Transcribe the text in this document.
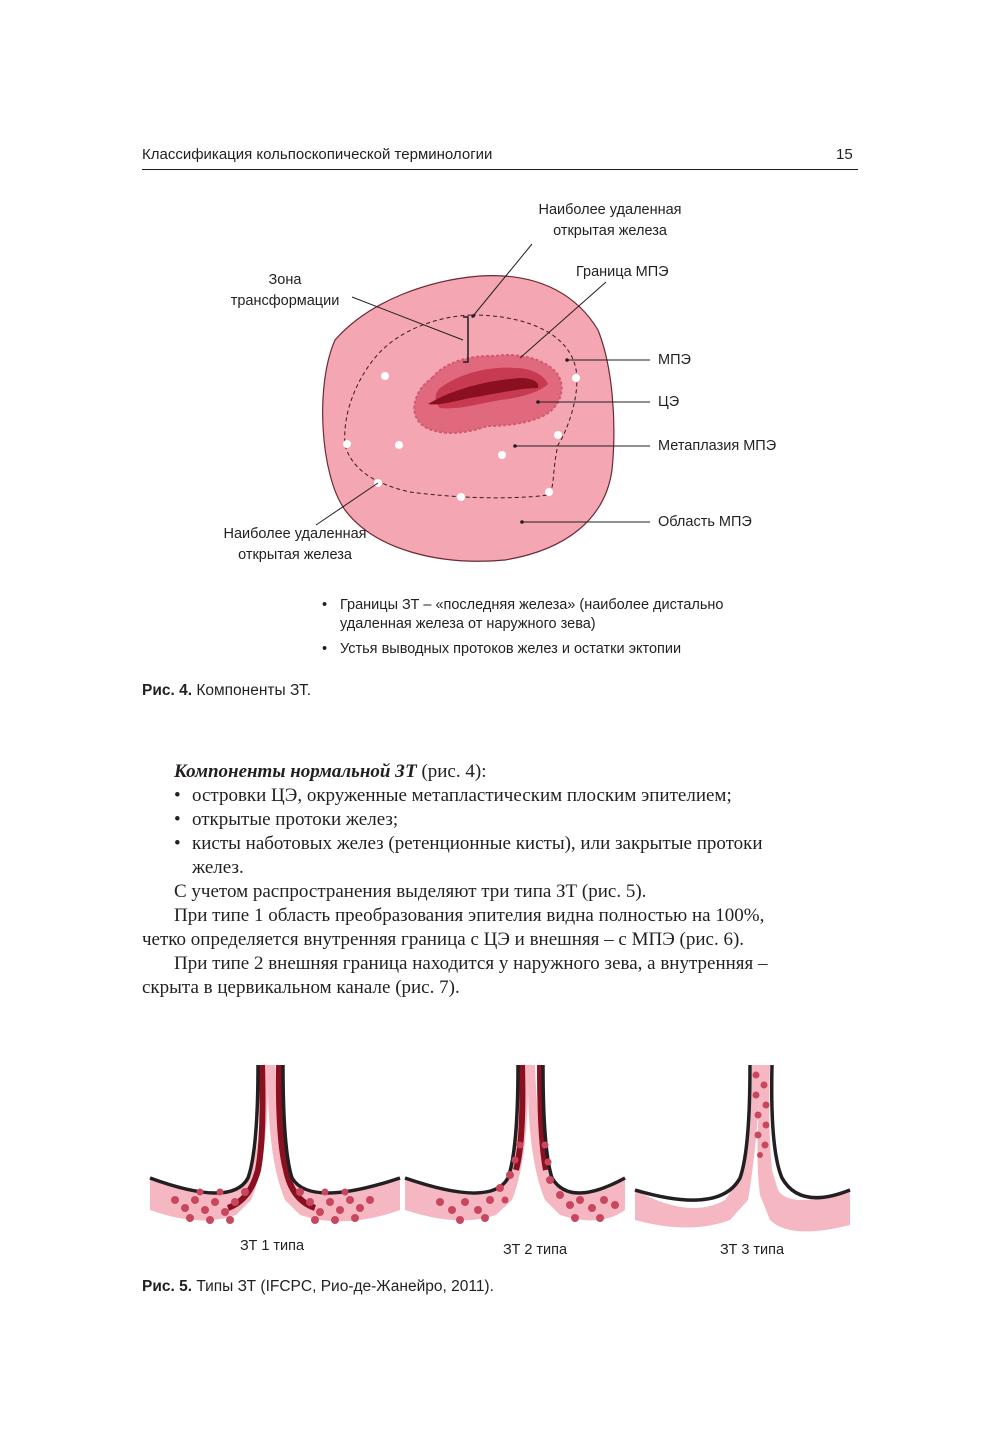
Классификация кольпоскопической терминологии	15
Наиболее удаленная
открытая железа
Зона
трансформации
Граница МПЭ
МПЭ
ЦЭ
Метаплазия МПЭ
Область МПЭ
Наиболее удаленная
открытая железа
• Границы ЗТ – «последняя железа» (наиболее дистально
удаленная железа от наружного зева)
• Устья выводных протоков желез и остатки эктопии
Рис. 4. Компоненты ЗТ.

Компоненты нормальной ЗТ (рис. 4):

• островки ЦЭ, окруженные метапластическим плоским эпителием;
• открытые протоки желез;
• кисты наботовых желез (ретенционные кисты), или закрытые протоки
желез.

С учетом распространения выделяют три типа ЗТ (рис. 5).

При типе 1 область преобразования эпителия видна полностью на 100%,
четко определяется внутренняя граница с ЦЭ и внешняя – с МПЭ (рис. 6).

При типе 2 внешняя граница находится у наружного зева, а внутренняя –
скрыта в цервикальном канале (рис. 7).

ЗТ 1 типа	ЗТ 2 типа	ЗТ 3 типа
Рис. 5. Типы ЗТ (IFCPC, Рио-де-Жанейро, 2011).
